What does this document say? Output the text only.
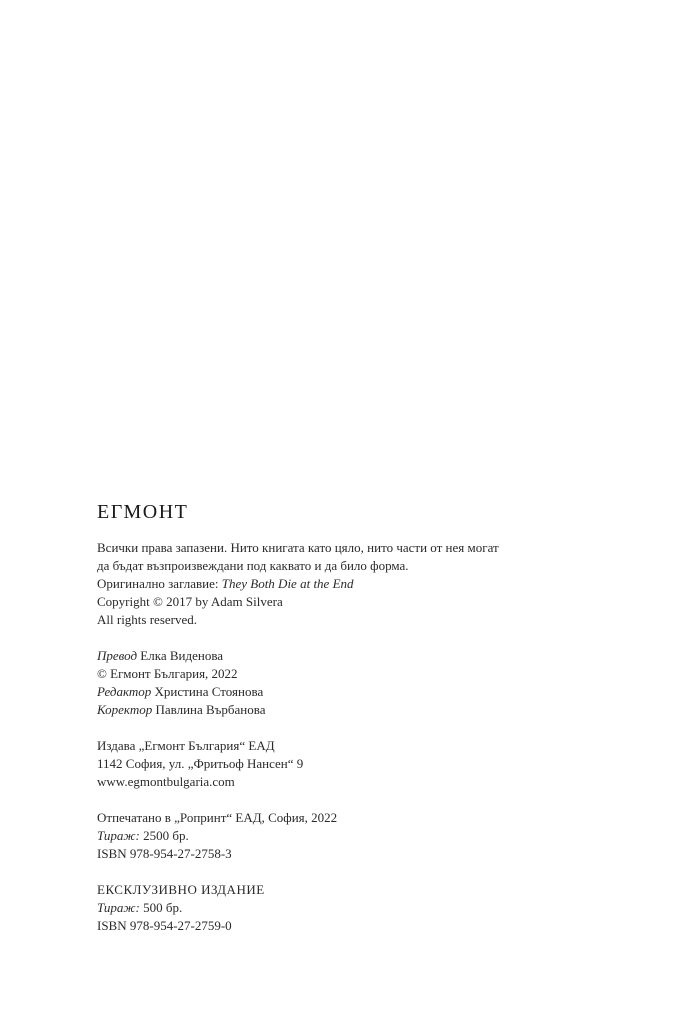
ЕГМОНТ
Всички права запазени. Нито книгата като цяло, нито части от нея могат
да бъдат възпроизвеждани под каквато и да било форма.
Оригинално заглавие: They Both Die at the End
Copyright © 2017 by Adam Silvera
All rights reserved.
Превод Елка Виденова
© Егмонт България, 2022
Редактор Христина Стоянова
Коректор Павлина Върбанова
Издава „Егмонт България“ ЕАД
1142 София, ул. „Фритьоф Нансен“ 9
www.egmontbulgaria.com
Отпечатано в „Ропринт“ ЕАД, София, 2022
Тираж: 2500 бр.
ISBN 978-954-27-2758-3
ЕКСКЛУЗИВНО ИЗДАНИЕ
Тираж: 500 бр.
ISBN 978-954-27-2759-0
